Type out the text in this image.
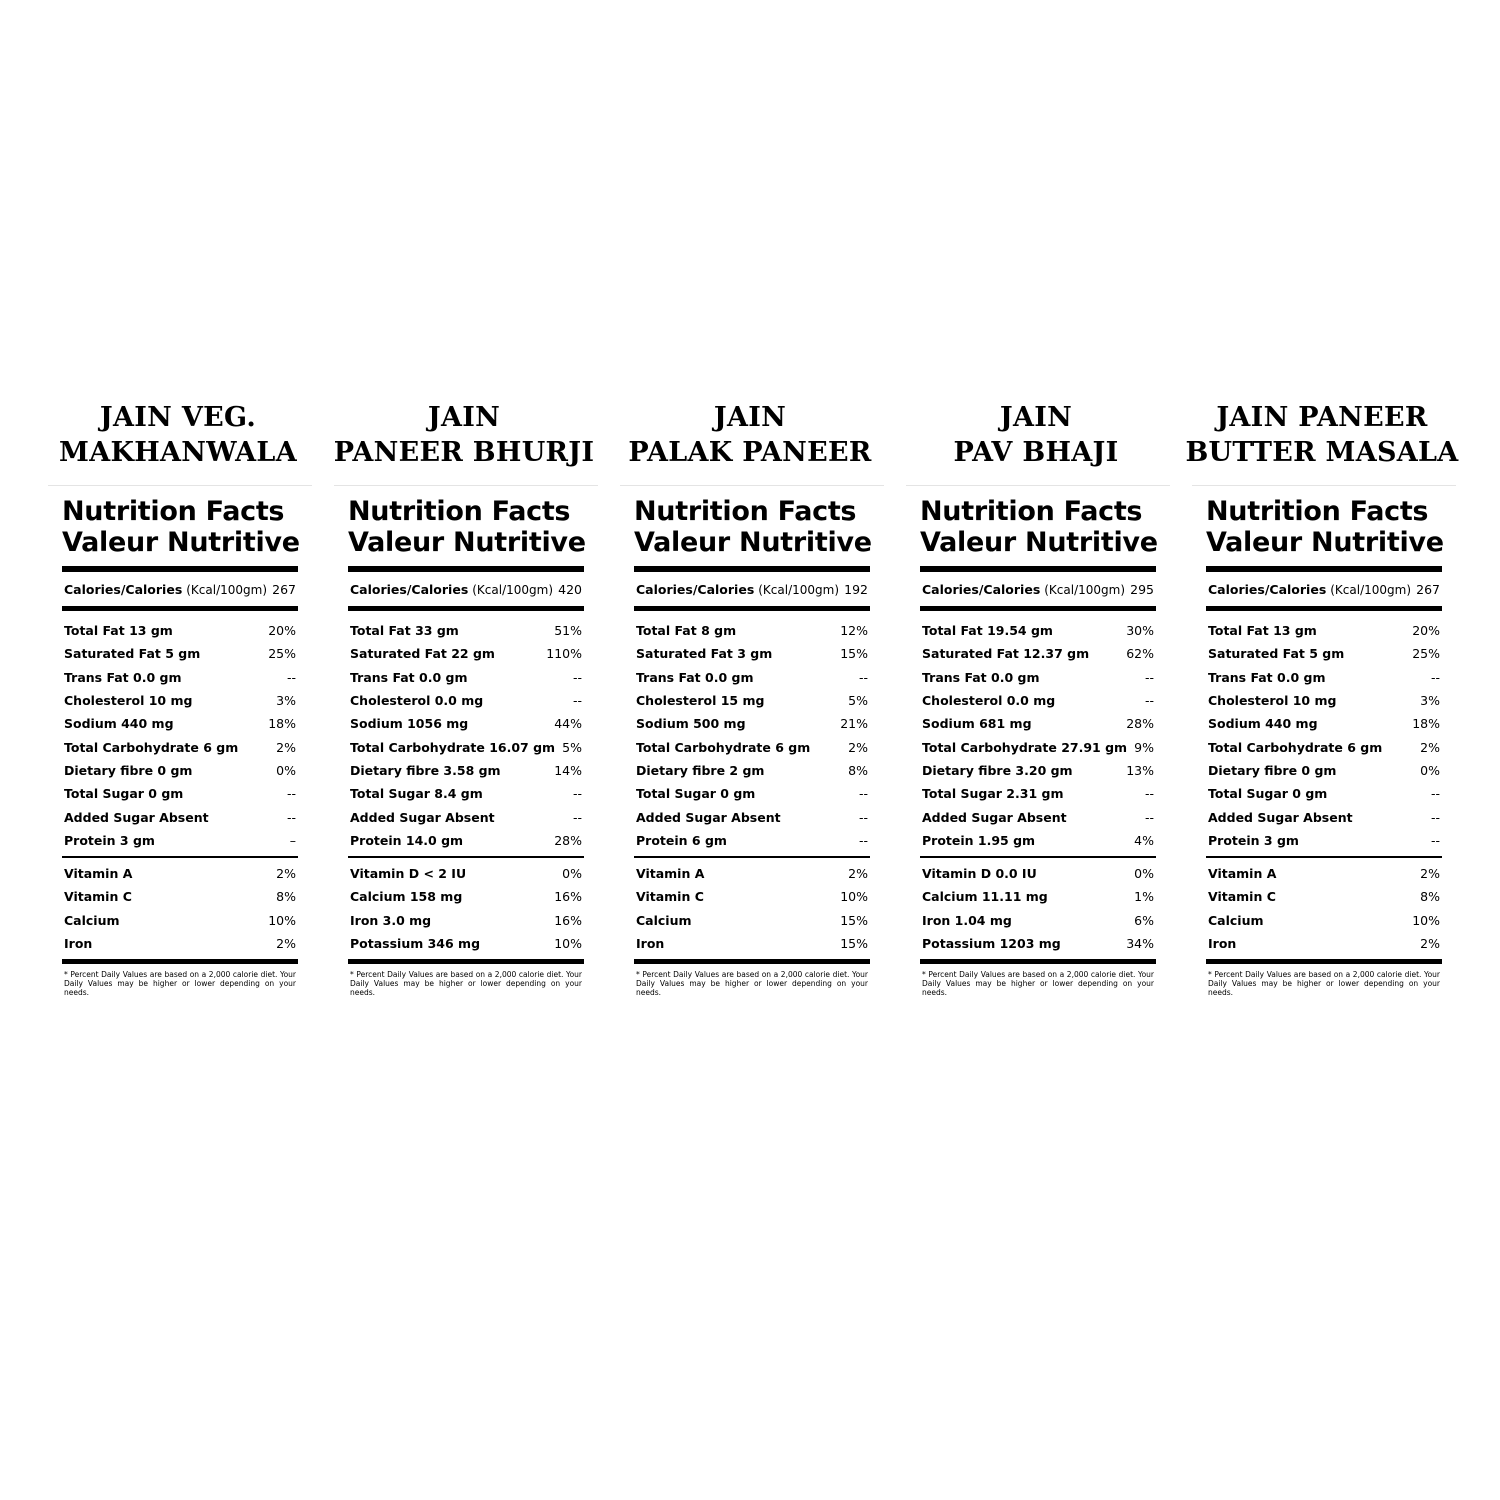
JAIN VEG.
MAKHANWALA
Nutrition Facts
Valeur Nutritive
Calories/Calories (Kcal/100gm) 267
Total Fat 13 gm	20%
Saturated Fat 5 gm	25%
Trans Fat 0.0 gm	--
Cholesterol 10 mg	3%
Sodium 440 mg	18%
Total Carbohydrate 6 gm	2%
Dietary fibre 0 gm	0%
Total Sugar 0 gm	--
Added Sugar Absent	--
Protein 3 gm	–
Vitamin A	2%
Vitamin C	8%
Calcium	10%
Iron	2%
* Percent Daily Values are based on a 2,000 calorie diet. Your Daily Values may be higher or lower depending on your needs.
JAIN
PANEER BHURJI
Nutrition Facts
Valeur Nutritive
Calories/Calories (Kcal/100gm) 420
Total Fat 33 gm	51%
Saturated Fat 22 gm	110%
Trans Fat 0.0 gm	--
Cholesterol 0.0 mg	--
Sodium 1056 mg	44%
Total Carbohydrate 16.07 gm 5%
Dietary fibre 3.58 gm	14%
Total Sugar 8.4 gm	--
Added Sugar Absent	--
Protein 14.0 gm	28%
Vitamin D < 2 IU	0%
Calcium 158 mg	16%
Iron 3.0 mg	16%
Potassium 346 mg	10%
* Percent Daily Values are based on a 2,000 calorie diet. Your Daily Values may be higher or lower depending on your needs.
JAIN
PALAK PANEER
Nutrition Facts
Valeur Nutritive
Calories/Calories (Kcal/100gm) 192
Total Fat 8 gm	12%
Saturated Fat 3 gm	15%
Trans Fat 0.0 gm	--
Cholesterol 15 mg	5%
Sodium 500 mg	21%
Total Carbohydrate 6 gm	2%
Dietary fibre 2 gm	8%
Total Sugar 0 gm	--
Added Sugar Absent	--
Protein 6 gm	--
Vitamin A	2%
Vitamin C	10%
Calcium	15%
Iron	15%
* Percent Daily Values are based on a 2,000 calorie diet. Your Daily Values may be higher or lower depending on your needs.
JAIN
PAV BHAJI
Nutrition Facts
Valeur Nutritive
Calories/Calories (Kcal/100gm) 295
Total Fat 19.54 gm	30%
Saturated Fat 12.37 gm	62%
Trans Fat 0.0 gm	--
Cholesterol 0.0 mg	--
Sodium 681 mg	28%
Total Carbohydrate 27.91 gm 9%
Dietary fibre 3.20 gm	13%
Total Sugar 2.31 gm	--
Added Sugar Absent	--
Protein 1.95 gm	4%
Vitamin D 0.0 IU	0%
Calcium 11.11 mg	1%
Iron 1.04 mg	6%
Potassium 1203 mg	34%
* Percent Daily Values are based on a 2,000 calorie diet. Your Daily Values may be higher or lower depending on your needs.
JAIN PANEER
BUTTER MASALA
Nutrition Facts
Valeur Nutritive
Calories/Calories (Kcal/100gm) 267
Total Fat 13 gm	20%
Saturated Fat 5 gm	25%
Trans Fat 0.0 gm	--
Cholesterol 10 mg	3%
Sodium 440 mg	18%
Total Carbohydrate 6 gm	2%
Dietary fibre 0 gm	0%
Total Sugar 0 gm	--
Added Sugar Absent	--
Protein 3 gm	--
Vitamin A	2%
Vitamin C	8%
Calcium	10%
Iron	2%
* Percent Daily Values are based on a 2,000 calorie diet. Your Daily Values may be higher or lower depending on your needs.
